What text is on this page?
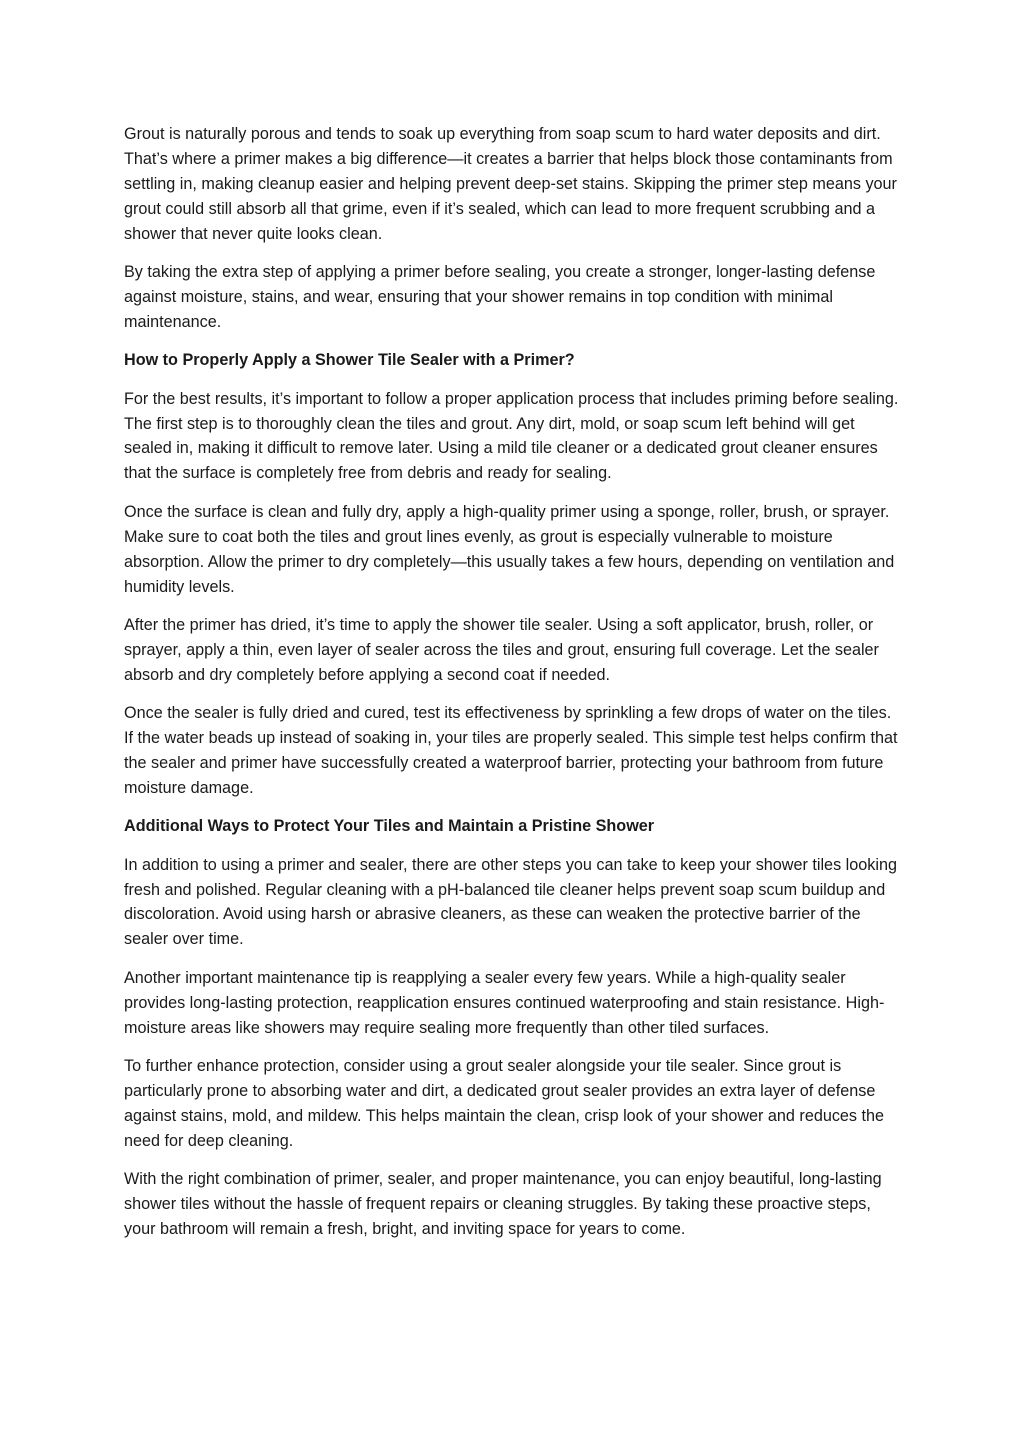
Grout is naturally porous and tends to soak up everything from soap scum to hard water deposits and dirt. That’s where a primer makes a big difference—it creates a barrier that helps block those contaminants from settling in, making cleanup easier and helping prevent deep-set stains. Skipping the primer step means your grout could still absorb all that grime, even if it’s sealed, which can lead to more frequent scrubbing and a shower that never quite looks clean.

By taking the extra step of applying a primer before sealing, you create a stronger, longer-lasting defense against moisture, stains, and wear, ensuring that your shower remains in top condition with minimal maintenance.

How to Properly Apply a Shower Tile Sealer with a Primer?

For the best results, it’s important to follow a proper application process that includes priming before sealing. The first step is to thoroughly clean the tiles and grout. Any dirt, mold, or soap scum left behind will get sealed in, making it difficult to remove later. Using a mild tile cleaner or a dedicated grout cleaner ensures that the surface is completely free from debris and ready for sealing.

Once the surface is clean and fully dry, apply a high-quality primer using a sponge, roller, brush, or sprayer. Make sure to coat both the tiles and grout lines evenly, as grout is especially vulnerable to moisture absorption. Allow the primer to dry completely—this usually takes a few hours, depending on ventilation and humidity levels.

After the primer has dried, it’s time to apply the shower tile sealer. Using a soft applicator, brush, roller, or sprayer, apply a thin, even layer of sealer across the tiles and grout, ensuring full coverage. Let the sealer absorb and dry completely before applying a second coat if needed.

Once the sealer is fully dried and cured, test its effectiveness by sprinkling a few drops of water on the tiles. If the water beads up instead of soaking in, your tiles are properly sealed. This simple test helps confirm that the sealer and primer have successfully created a waterproof barrier, protecting your bathroom from future moisture damage.

Additional Ways to Protect Your Tiles and Maintain a Pristine Shower

In addition to using a primer and sealer, there are other steps you can take to keep your shower tiles looking fresh and polished. Regular cleaning with a pH-balanced tile cleaner helps prevent soap scum buildup and discoloration. Avoid using harsh or abrasive cleaners, as these can weaken the protective barrier of the sealer over time.

Another important maintenance tip is reapplying a sealer every few years. While a high-quality sealer provides long-lasting protection, reapplication ensures continued waterproofing and stain resistance. High-moisture areas like showers may require sealing more frequently than other tiled surfaces.

To further enhance protection, consider using a grout sealer alongside your tile sealer. Since grout is particularly prone to absorbing water and dirt, a dedicated grout sealer provides an extra layer of defense against stains, mold, and mildew. This helps maintain the clean, crisp look of your shower and reduces the need for deep cleaning.

With the right combination of primer, sealer, and proper maintenance, you can enjoy beautiful, long-lasting shower tiles without the hassle of frequent repairs or cleaning struggles. By taking these proactive steps, your bathroom will remain a fresh, bright, and inviting space for years to come.
